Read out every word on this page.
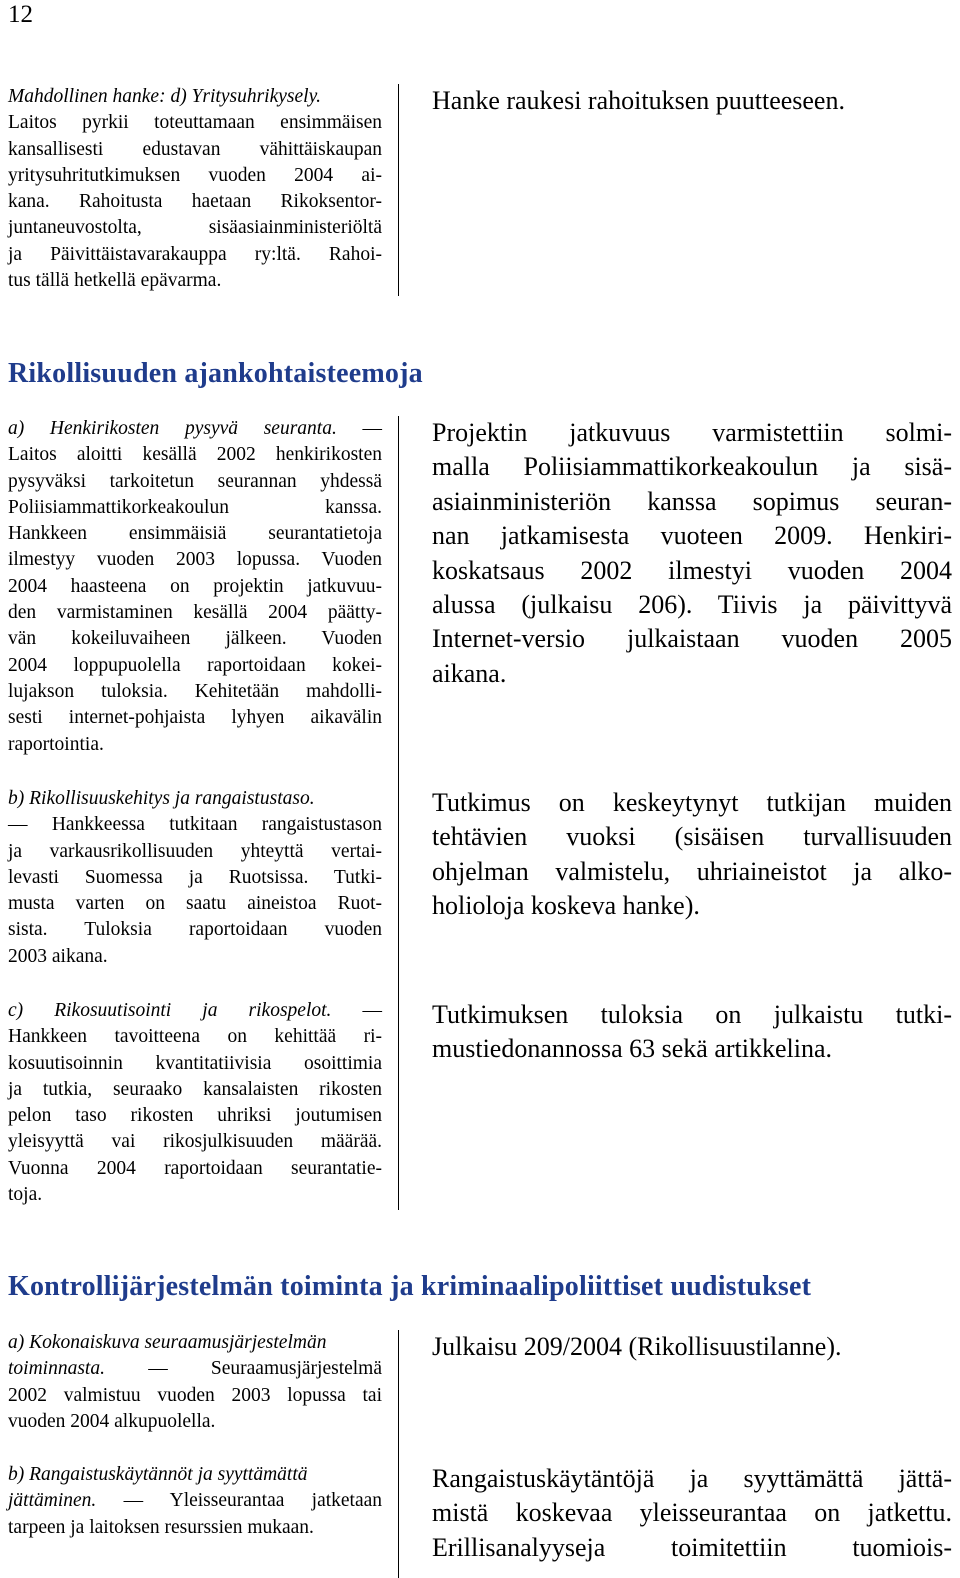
12
Mahdollinen hanke: d) Yritysuhrikysely.
Laitos pyrkii toteuttamaan ensimmäisen
kansallisesti edustavan vähittäiskaupan
yritysuhritutkimuksen vuoden 2004 ai-
kana. Rahoitusta haetaan Rikoksentor-
juntaneuvostolta, sisäasiainministeriöltä
ja Päivittäistavarakauppa ry:ltä. Rahoi-
tus tällä hetkellä epävarma.
Hanke raukesi rahoituksen puutteeseen.
Rikollisuuden ajankohtaisteemoja
a) Henkirikosten pysyvä seuranta. —
Laitos aloitti kesällä 2002 henkirikosten
pysyväksi tarkoitetun seurannan yhdessä
Poliisiammattikorkeakoulun kanssa.
Hankkeen ensimmäisiä seurantatietoja
ilmestyy vuoden 2003 lopussa. Vuoden
2004 haasteena on projektin jatkuvuu-
den varmistaminen kesällä 2004 päätty-
vän kokeiluvaiheen jälkeen. Vuoden
2004 loppupuolella raportoidaan kokei-
lujakson tuloksia. Kehitetään mahdolli-
sesti internet-pohjaista lyhyen aikavälin
raportointia.
Projektin jatkuvuus varmistettiin solmi-
malla Poliisiammattikorkeakoulun ja sisä-
asiainministeriön kanssa sopimus seuran-
nan jatkamisesta vuoteen 2009. Henkiri-
koskatsaus 2002 ilmestyi vuoden 2004
alussa (julkaisu 206). Tiivis ja päivittyvä
Internet-versio julkaistaan vuoden 2005
aikana.
b) Rikollisuuskehitys ja rangaistustaso.
— Hankkeessa tutkitaan rangaistustason
ja varkausrikollisuuden yhteyttä vertai-
levasti Suomessa ja Ruotsissa. Tutki-
musta varten on saatu aineistoa Ruot-
sista. Tuloksia raportoidaan vuoden
2003 aikana.
Tutkimus on keskeytynyt tutkijan muiden
tehtävien vuoksi (sisäisen turvallisuuden
ohjelman valmistelu, uhriaineistot ja alko-
holioloja koskeva hanke).
c) Rikosuutisointi ja rikospelot. —
Hankkeen tavoitteena on kehittää ri-
kosuutisoinnin kvantitatiivisia osoittimia
ja tutkia, seuraako kansalaisten rikosten
pelon taso rikosten uhriksi joutumisen
yleisyyttä vai rikosjulkisuuden määrää.
Vuonna 2004 raportoidaan seurantatie-
toja.
Tutkimuksen tuloksia on julkaistu tutki-
mustiedonannossa 63 sekä artikkelina.
Kontrollijärjestelmän toiminta ja kriminaalipoliittiset uudistukset
a) Kokonaiskuva seuraamusjärjestelmän
toiminnasta. — Seuraamusjärjestelmä
2002 valmistuu vuoden 2003 lopussa tai
vuoden 2004 alkupuolella.
Julkaisu 209/2004 (Rikollisuustilanne).
b) Rangaistuskäytännöt ja syyttämättä
jättäminen. — Yleisseurantaa jatketaan
tarpeen ja laitoksen resurssien mukaan.
Rangaistuskäytäntöjä ja syyttämättä jättä-
mistä koskevaa yleisseurantaa on jatkettu.
Erillisanalyyseja toimitettiin tuomiois-
